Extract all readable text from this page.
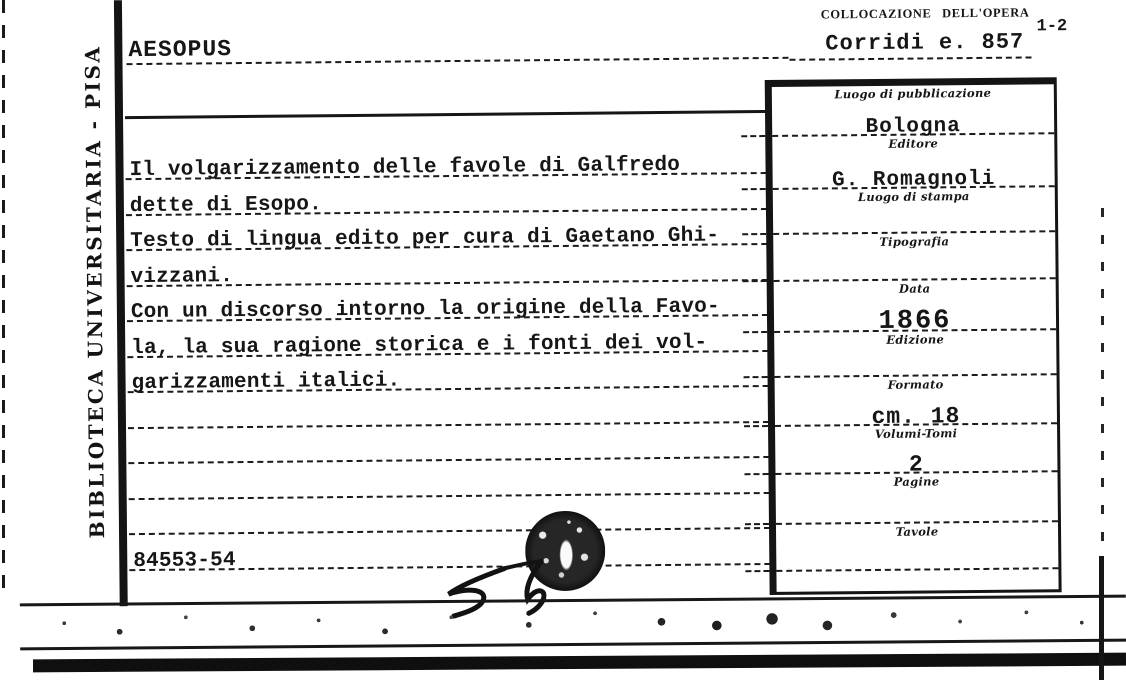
BIBLIOTECA UNIVERSITARIA - PISA AESOPUS
COLLOCAZIONE DELL'OPERA
Corridi e. 857
1-2
Il volgarizzamento delle favole di Galfredo
dette di Esopo.
Testo di lingua edito per cura di Gaetano Ghi-
vizzani.
Con un discorso intorno la origine della Favo-
la, la sua ragione storica e i fonti dei vol-
garizzamenti italici.
84553-54
Luogo di pubblicazione
Bologna
Editore
G. Romagnoli
Luogo di stampa
Tipografia
Data
1866
Edizione
Formato
cm. 18
Volumi-Tomi
2
Pagine
Tavole
